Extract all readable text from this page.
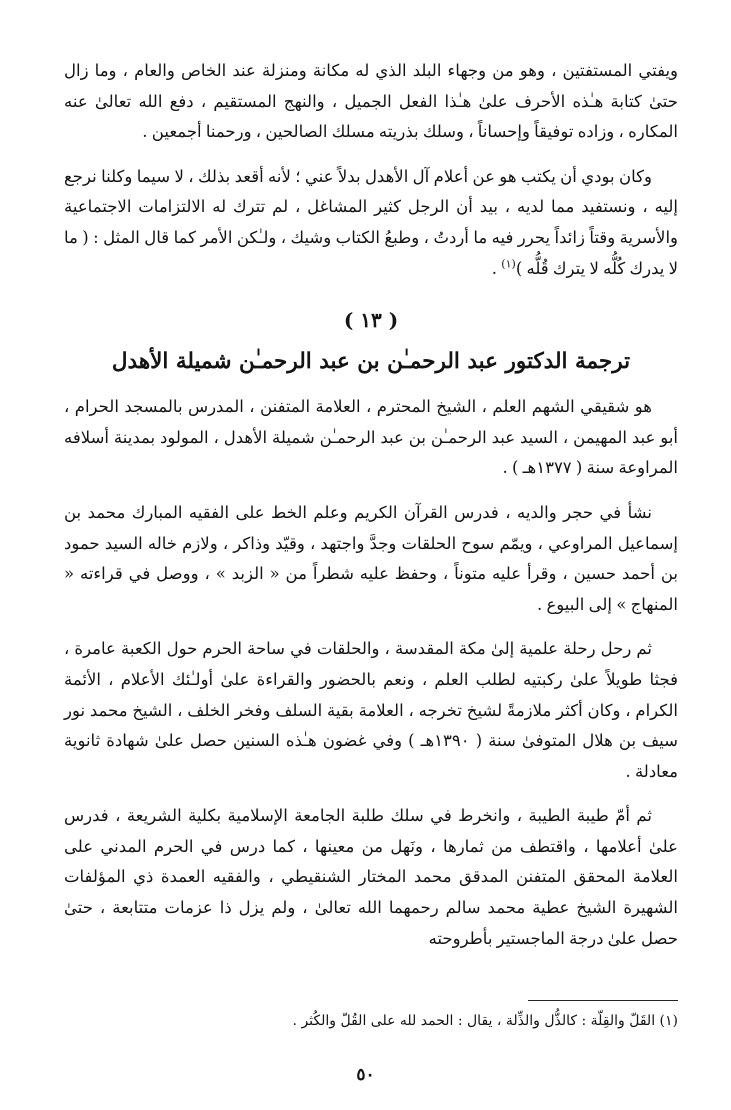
ويفتي المستفتين ، وهو من وجهاء البلد الذي له مكانة ومنزلة عند الخاص والعام ، وما زال حتىٰ كتابة هـٰذه الأحرف علىٰ هـٰذا الفعل الجميل ، والنهج المستقيم ، دفع الله تعالىٰ عنه المكاره ، وزاده توفيقاً وإحساناً ، وسلك بذريته مسلك الصالحين ، ورحمنا أجمعين .

وكان بودي أن يكتب هو عن أعلام آل الأهدل بدلاً عني ؛ لأنه أقعد بذلك ، لا سيما وكلنا نرجع إليه ، ونستفيد مما لديه ، بيد أن الرجل كثير المشاغل ، لم تترك له الالتزامات الاجتماعية والأسرية وقتاً زائداً يحرر فيه ما أردتُ ، وطبعُ الكتاب وشيك ، ولـٰكن الأمر كما قال المثل : ( ما لا يدرك كُلُّه لا يترك قُلُّه )$^{(١)}$ .

( ١٣ )
ترجمة الدكتور عبد الرحمـٰن بن عبد الرحمـٰن شميلة الأهدل

هو شقيقي الشهم العلم ، الشيخ المحترم ، العلامة المتفنن ، المدرس بالمسجد الحرام ، أبو عبد المهيمن ، السيد عبد الرحمـٰن بن عبد الرحمـٰن شميلة الأهدل ، المولود بمدينة أسلافه المراوعة سنة ( ١٣٧٧هـ ) .

نشأ في حجر والديه ، فدرس القرآن الكريم وعلم الخط على الفقيه المبارك محمد بن إسماعيل المراوعي ، ويمّم سوح الحلقات وجدَّ واجتهد ، وقيّد وذاكر ، ولازم خاله السيد حمود بن أحمد حسين ، وقرأ عليه متوناً ، وحفظ عليه شطراً من « الزبد » ، ووصل في قراءته « المنهاج » إلى البيوع .

ثم رحل رحلة علمية إلىٰ مكة المقدسة ، والحلقات في ساحة الحرم حول الكعبة عامرة ، فجثا طويلاً علىٰ ركبتيه لطلب العلم ، ونعم بالحضور والقراءة علىٰ أولـٰئك الأعلام ، الأئمة الكرام ، وكان أكثر ملازمةً لشيخ تخرجه ، العلامة بقية السلف وفخر الخلف ، الشيخ محمد نور سيف بن هلال المتوفىٰ سنة ( ١٣٩٠هـ ) وفي غضون هـٰذه السنين حصل علىٰ شهادة ثانوية معادلة .

ثم أمّ طيبة الطيبة ، وانخرط في سلك طلبة الجامعة الإسلامية بكلية الشريعة ، فدرس علىٰ أعلامها ، واقتطف من ثمارها ، ونَهل من معينها ، كما درس في الحرم المدني على العلامة المحقق المتفنن المدقق محمد المختار الشنقيطي ، والفقيه العمدة ذي المؤلفات الشهيرة الشيخ عطية محمد سالم رحمهما الله تعالىٰ ، ولم يزل ذا عزمات متتابعة ، حتىٰ حصل علىٰ درجة الماجستير بأطروحته

(١) القَلّ والقِلّة : كالذُّل والذِّلة ، يقال : الحمد لله على القُلّ والكُثر .

٥٠
